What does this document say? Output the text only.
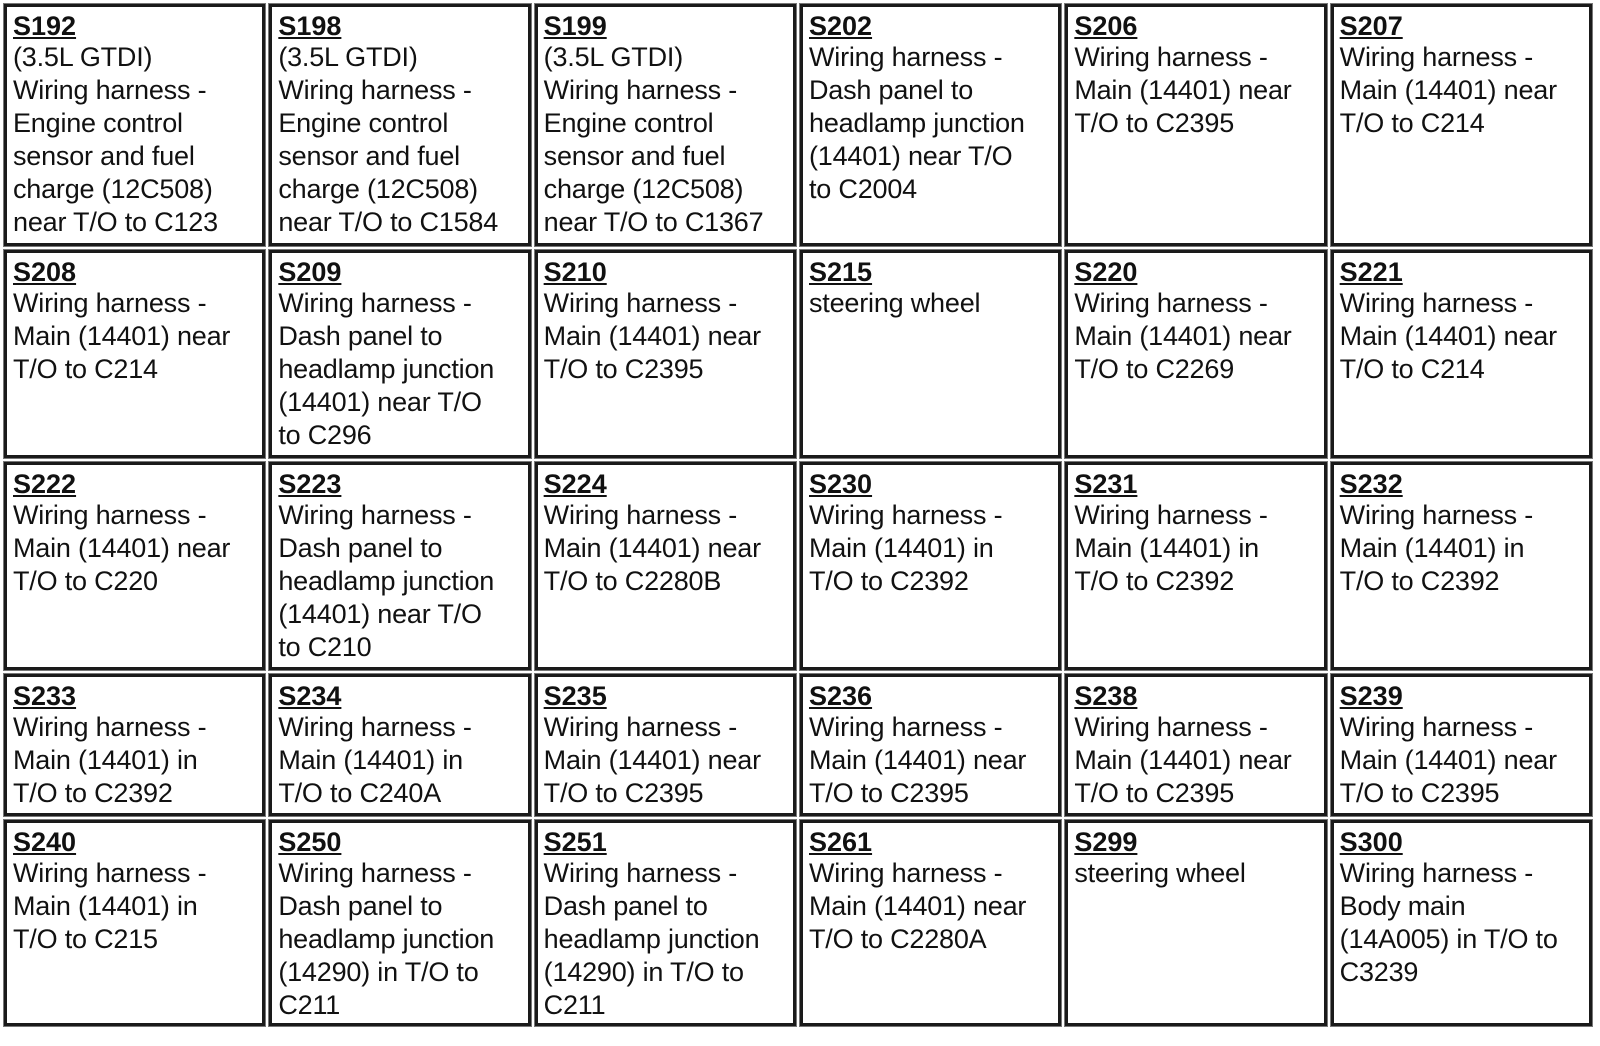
S192
(3.5L GTDI)
Wiring harness -
Engine control
sensor and fuel
charge (12C508)
near T/O to C123
S198
(3.5L GTDI)
Wiring harness -
Engine control
sensor and fuel
charge (12C508)
near T/O to C1584
S199
(3.5L GTDI)
Wiring harness -
Engine control
sensor and fuel
charge (12C508)
near T/O to C1367
S202
Wiring harness -
Dash panel to
headlamp junction
(14401) near T/O
to C2004
S206
Wiring harness -
Main (14401) near
T/O to C2395
S207
Wiring harness -
Main (14401) near
T/O to C214
S208
Wiring harness -
Main (14401) near
T/O to C214
S209
Wiring harness -
Dash panel to
headlamp junction
(14401) near T/O
to C296
S210
Wiring harness -
Main (14401) near
T/O to C2395
S215
steering wheel
S220
Wiring harness -
Main (14401) near
T/O to C2269
S221
Wiring harness -
Main (14401) near
T/O to C214
S222
Wiring harness -
Main (14401) near
T/O to C220
S223
Wiring harness -
Dash panel to
headlamp junction
(14401) near T/O
to C210
S224
Wiring harness -
Main (14401) near
T/O to C2280B
S230
Wiring harness -
Main (14401) in
T/O to C2392
S231
Wiring harness -
Main (14401) in
T/O to C2392
S232
Wiring harness -
Main (14401) in
T/O to C2392
S233
Wiring harness -
Main (14401) in
T/O to C2392
S234
Wiring harness -
Main (14401) in
T/O to C240A
S235
Wiring harness -
Main (14401) near
T/O to C2395
S236
Wiring harness -
Main (14401) near
T/O to C2395
S238
Wiring harness -
Main (14401) near
T/O to C2395
S239
Wiring harness -
Main (14401) near
T/O to C2395
S240
Wiring harness -
Main (14401) in
T/O to C215
S250
Wiring harness -
Dash panel to
headlamp junction
(14290) in T/O to
C211
S251
Wiring harness -
Dash panel to
headlamp junction
(14290) in T/O to
C211
S261
Wiring harness -
Main (14401) near
T/O to C2280A
S299
steering wheel
S300
Wiring harness -
Body main
(14A005) in T/O to
C3239
